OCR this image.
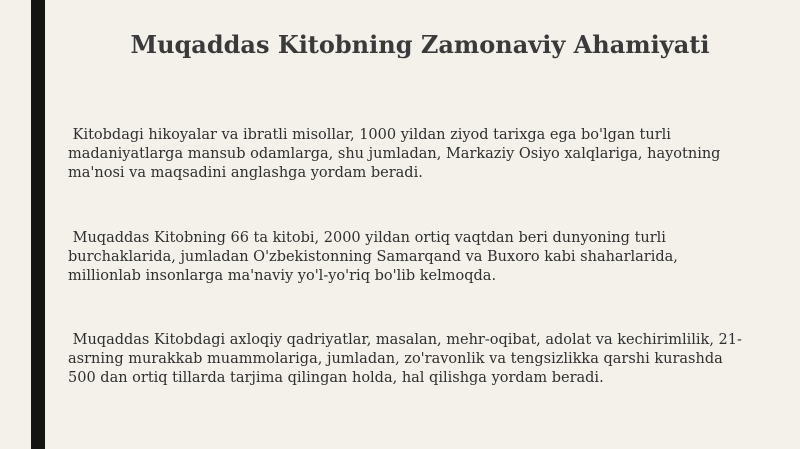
Muqaddas Kitobning Zamonaviy Ahamiyati

Kitobdagi hikoyalar va ibratli misollar, 1000 yildan ziyod tarixga ega bo'lgan turli madaniyatlarga mansub odamlarga, shu jumladan, Markaziy Osiyo xalqlariga, hayotning ma'nosi va maqsadini anglashga yordam beradi.

Muqaddas Kitobning 66 ta kitobi, 2000 yildan ortiq vaqtdan beri dunyoning turli burchaklarida, jumladan O'zbekistonning Samarqand va Buxoro kabi shaharlarida, millionlab insonlarga ma'naviy yo'l-yo'riq bo'lib kelmoqda.

Muqaddas Kitobdagi axloqiy qadriyatlar, masalan, mehr-oqibat, adolat va kechirimlilik, 21-asrning murakkab muammolariga, jumladan, zo'ravonlik va tengsizlikka qarshi kurashda 500 dan ortiq tillarda tarjima qilingan holda, hal qilishga yordam beradi.
